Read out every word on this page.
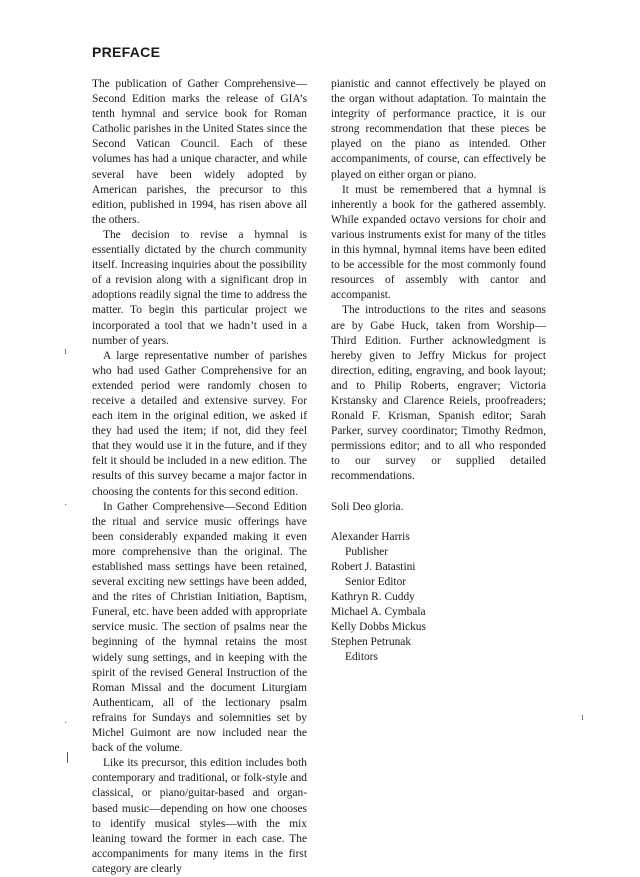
PREFACE

The publication of Gather Comprehensive—Second Edition marks the release of GIA’s tenth hymnal and service book for Roman Catholic parishes in the United States since the Second Vatican Council. Each of these volumes has had a unique character, and while several have been widely adopted by American parishes, the precursor to this edition, published in 1994, has risen above all the others.

The decision to revise a hymnal is essentially dictated by the church community itself. Increasing inquiries about the possibility of a revision along with a significant drop in adoptions readily signal the time to address the matter. To begin this particular project we incorporated a tool that we hadn’t used in a number of years.

A large representative number of parishes who had used Gather Comprehensive for an extended period were randomly chosen to receive a detailed and extensive survey. For each item in the original edition, we asked if they had used the item; if not, did they feel that they would use it in the future, and if they felt it should be included in a new edition. The results of this survey became a major factor in choosing the contents for this second edition.

In Gather Comprehensive—Second Edition the ritual and service music offerings have been considerably expanded making it even more comprehensive than the original. The established mass settings have been retained, several exciting new settings have been added, and the rites of Christian Initiation, Baptism, Funeral, etc. have been added with appropriate service music. The section of psalms near the beginning of the hymnal retains the most widely sung settings, and in keeping with the spirit of the revised General Instruction of the Roman Missal and the document Liturgiam Authenticam, all of the lectionary psalm refrains for Sundays and solemnities set by Michel Guimont are now included near the back of the volume.

Like its precursor, this edition includes both contemporary and traditional, or folk-style and classical, or piano/guitar-based and organ-based music—depending on how one chooses to identify musical styles—with the mix leaning toward the former in each case. The accompaniments for many items in the first category are clearly

pianistic and cannot effectively be played on the organ without adaptation. To maintain the integrity of performance practice, it is our strong recommendation that these pieces be played on the piano as intended. Other accompaniments, of course, can effectively be played on either organ or piano.

It must be remembered that a hymnal is inherently a book for the gathered assembly. While expanded octavo versions for choir and various instruments exist for many of the titles in this hymnal, hymnal items have been edited to be accessible for the most commonly found resources of assembly with cantor and accompanist.

The introductions to the rites and seasons are by Gabe Huck, taken from Worship—Third Edition. Further acknowledgment is hereby given to Jeffry Mickus for project direction, editing, engraving, and book layout; and to Philip Roberts, engraver; Victoria Krstansky and Clarence Reiels, proofreaders; Ronald F. Krisman, Spanish editor; Sarah Parker, survey coordinator; Timothy Redmon, permissions editor; and to all who responded to our survey or supplied detailed recommendations.

Soli Deo gloria.

Alexander Harris
Publisher
Robert J. Batastini
Senior Editor
Kathryn R. Cuddy
Michael A. Cymbala
Kelly Dobbs Mickus
Stephen Petrunak
Editors
ı
·
·
ǀ
ı
